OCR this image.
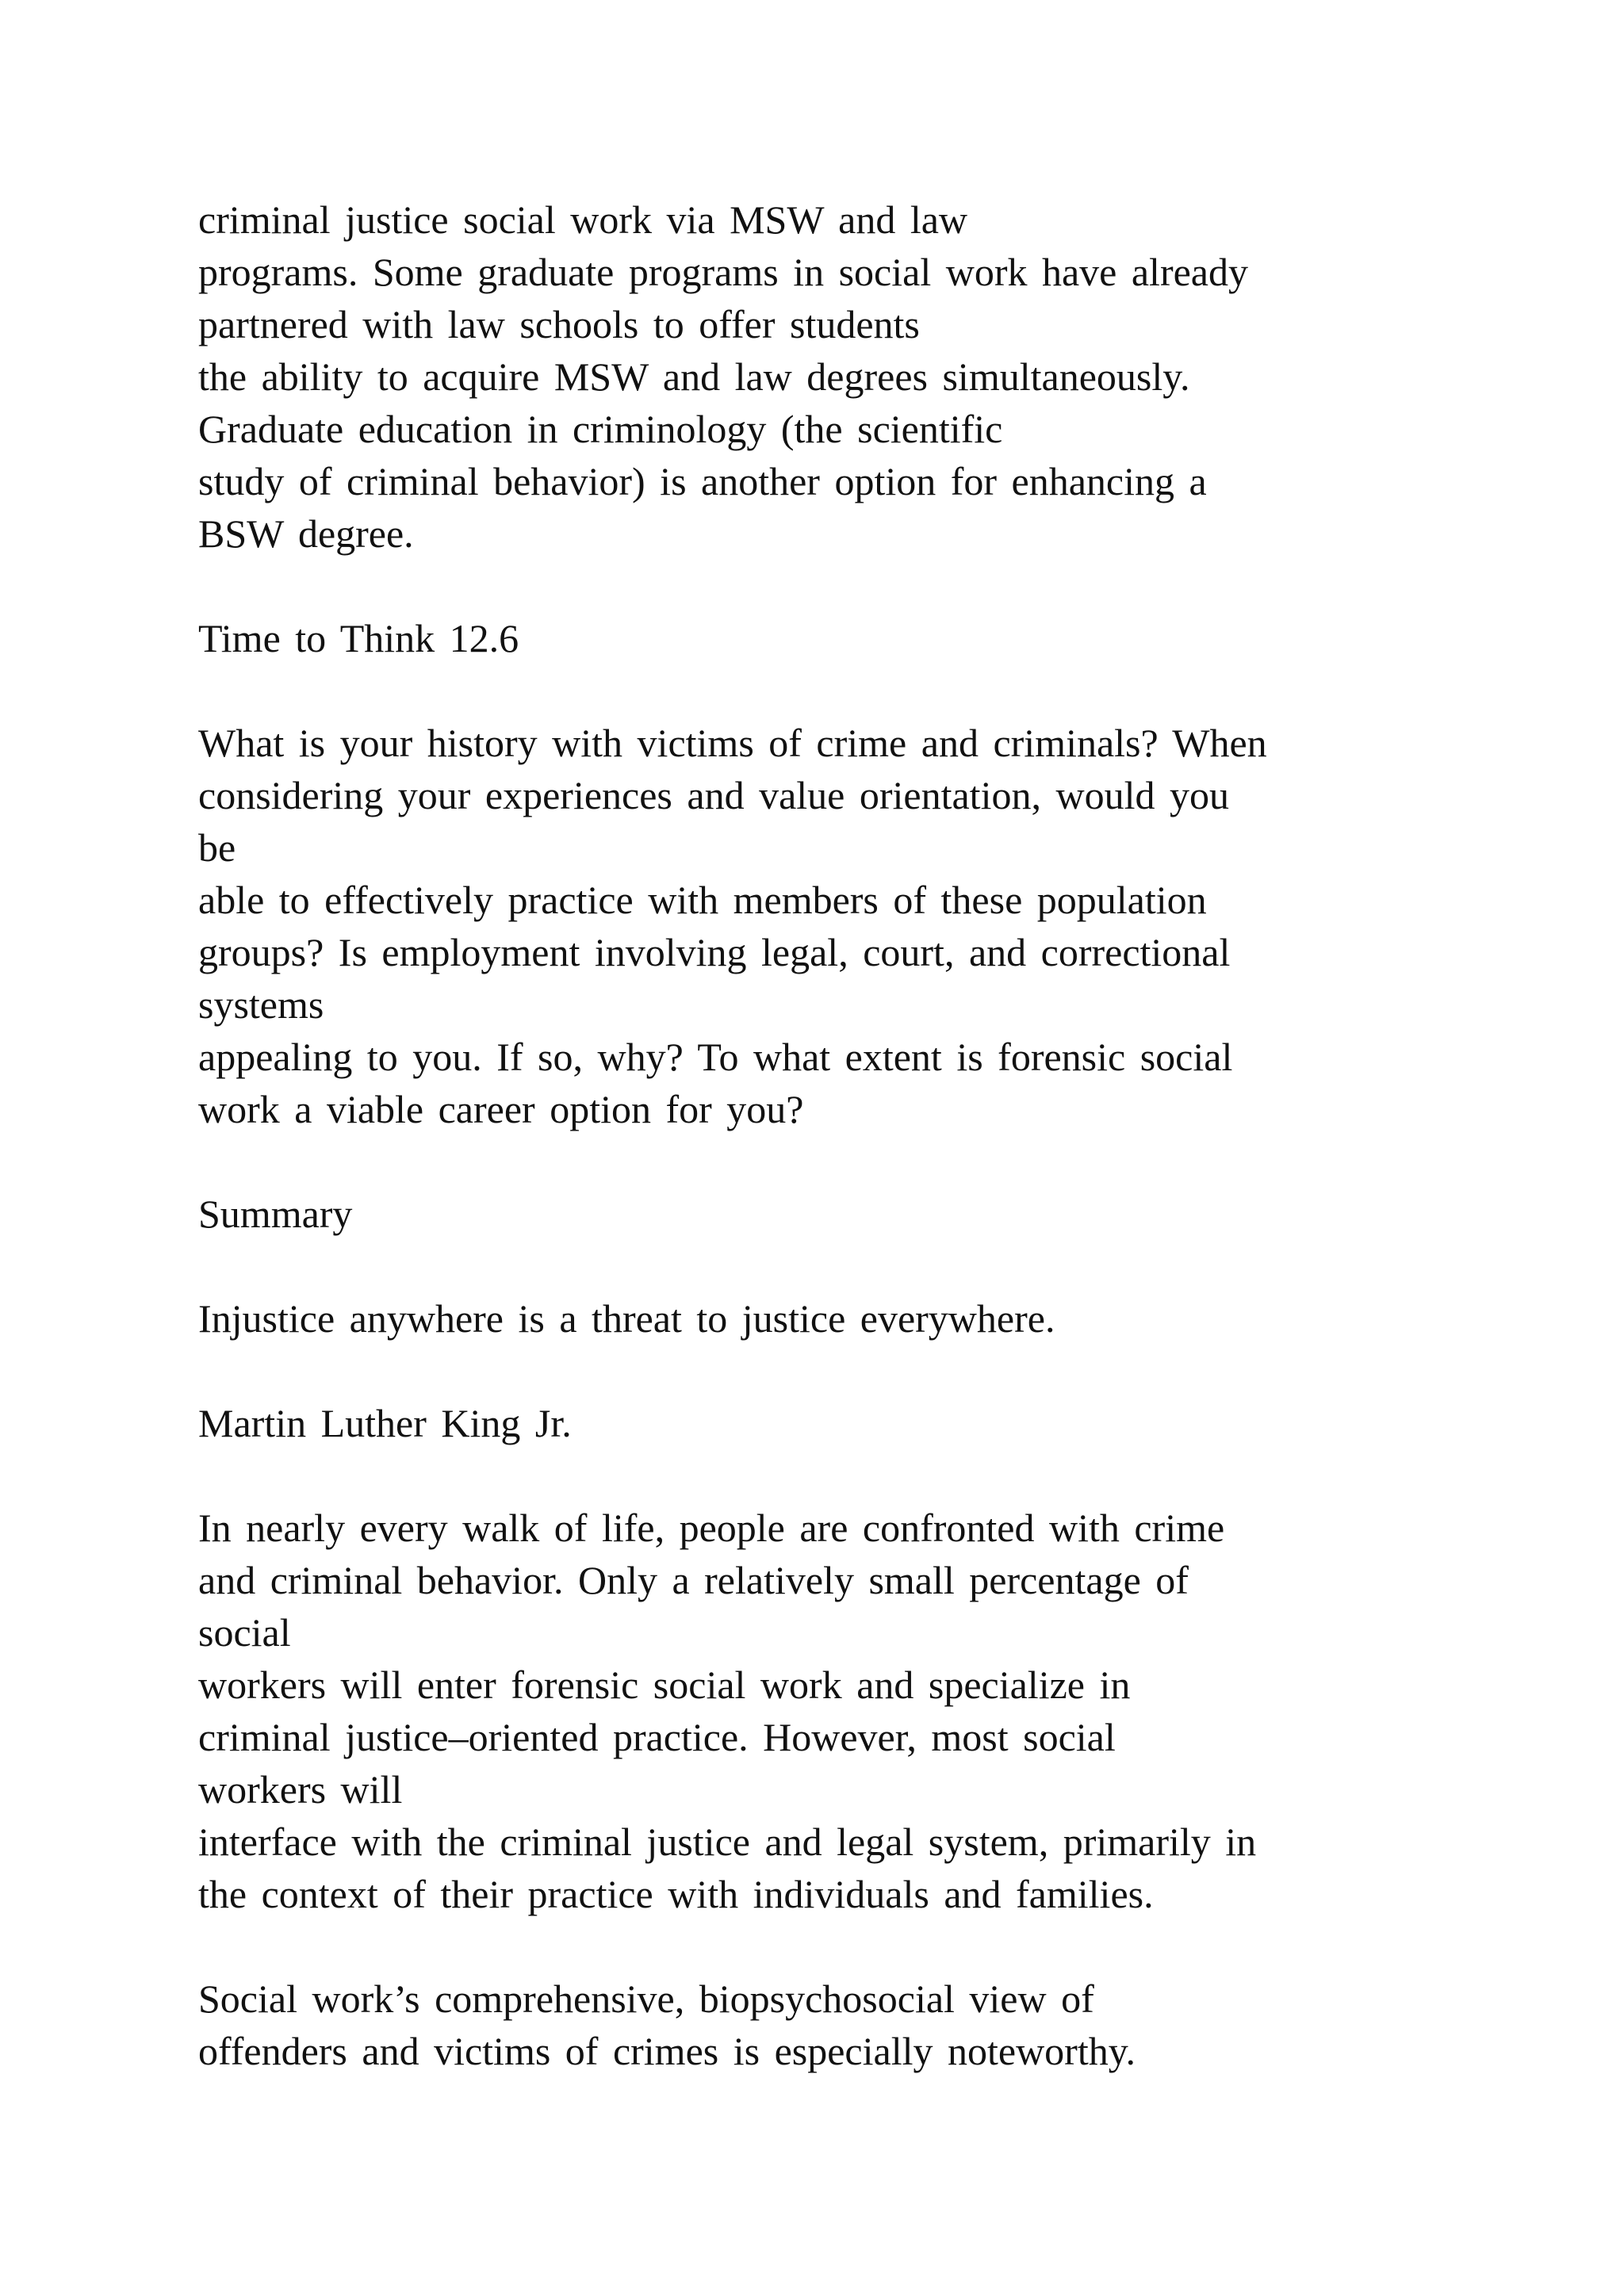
criminal justice social work via MSW and law
programs. Some graduate programs in social work have already
partnered with law schools to offer students
the ability to acquire MSW and law degrees simultaneously.
Graduate education in criminology (the scientific
study of criminal behavior) is another option for enhancing a
BSW degree.
Time to Think 12.6
What is your history with victims of crime and criminals? When
considering your experiences and value orientation, would you
be
able to effectively practice with members of these population
groups? Is employment involving legal, court, and correctional
systems
appealing to you. If so, why? To what extent is forensic social
work a viable career option for you?
Summary
Injustice anywhere is a threat to justice everywhere.
Martin Luther King Jr.
In nearly every walk of life, people are confronted with crime
and criminal behavior. Only a relatively small percentage of
social
workers will enter forensic social work and specialize in
criminal justice–oriented practice. However, most social
workers will
interface with the criminal justice and legal system, primarily in
the context of their practice with individuals and families.
Social work’s comprehensive, biopsychosocial view of
offenders and victims of crimes is especially noteworthy.
